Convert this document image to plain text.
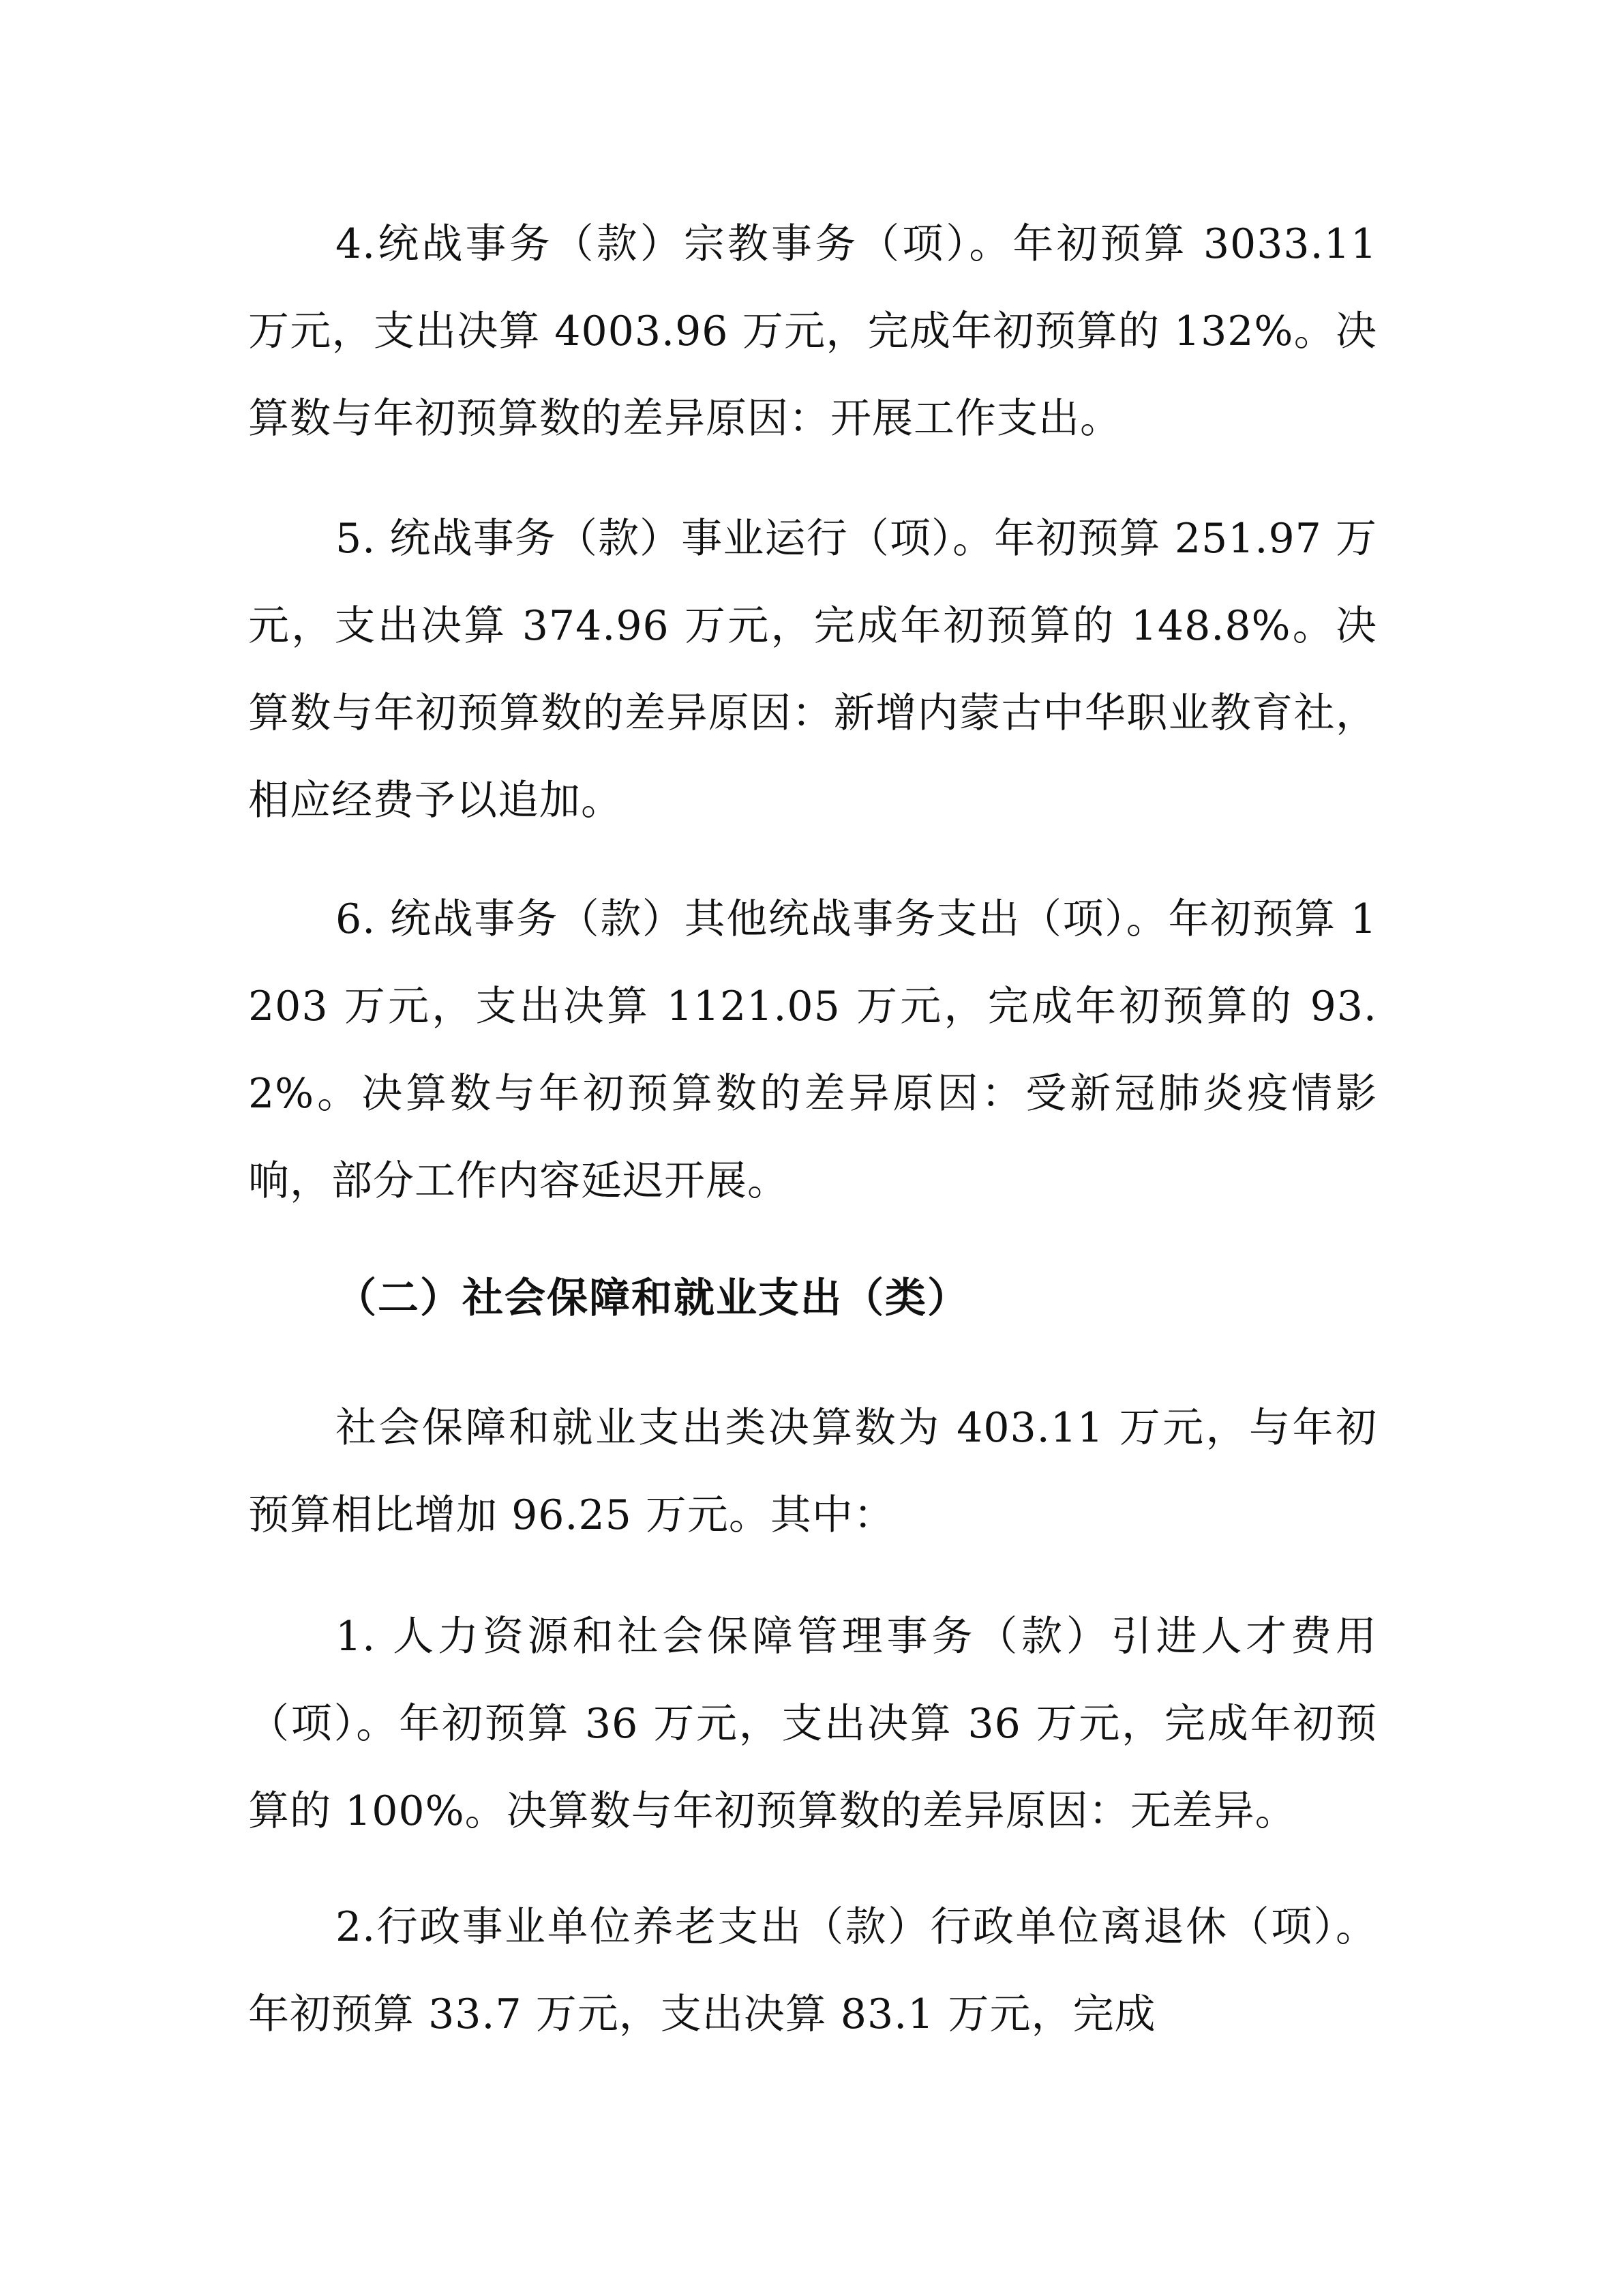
4.统战事务（款）宗教事务（项）。年初预算 3033.11 万元，支出决算 4003.96 万元，完成年初预算的 132%。决算数与年初预算数的差异原因：开展工作支出。

5. 统战事务（款）事业运行（项）。年初预算 251.97 万元，支出决算 374.96 万元，完成年初预算的 148.8%。决算数与年初预算数的差异原因：新增内蒙古中华职业教育社，相应经费予以追加。

6. 统战事务（款）其他统战事务支出（项）。年初预算 1203 万元，支出决算 1121.05 万元，完成年初预算的 93.2%。决算数与年初预算数的差异原因：受新冠肺炎疫情影响，部分工作内容延迟开展。

（二）社会保障和就业支出（类）

社会保障和就业支出类决算数为 403.11 万元，与年初预算相比增加 96.25 万元。其中：

1. 人力资源和社会保障管理事务（款）引进人才费用（项）。年初预算 36 万元，支出决算 36 万元，完成年初预算的 100%。决算数与年初预算数的差异原因：无差异。

2.行政事业单位养老支出（款）行政单位离退休（项）。年初预算 33.7 万元，支出决算 83.1 万元，完成
